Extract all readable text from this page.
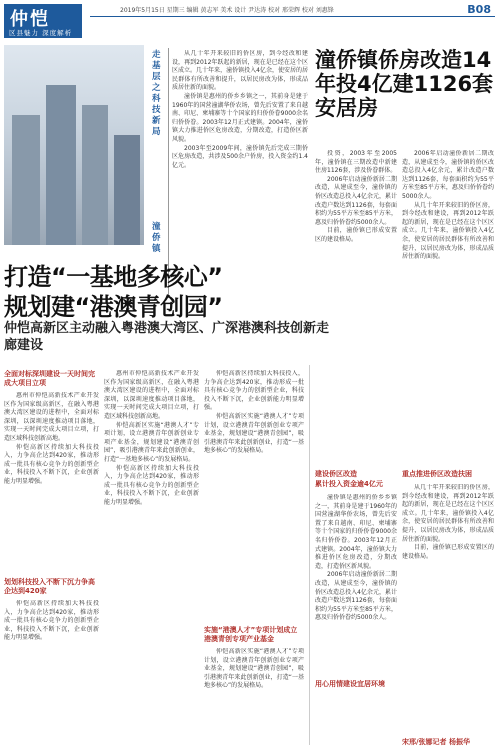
仲恺
区县魅力 深度解析
2019年5月15日 星期三 编辑 黄志军 美术 设计 尹达涛 校对 邢荣辉 校对 刘惠锋	B08
走基层 之 科技新局
潼侨镇
潼侨镇侨房改造14年投4亿建1126套安居房

从几十年开来较旧的侨区房，到今经改和建设，再到2012年跃起的新居，现在是已经在这个区区成立。几十年来，潼侨镇投入4亿余，使安居的居民群体有所改善和提升，以居民房改为体，形成品质居住新的面貌。

潼侨镇是惠州的侨乡乡镇之一，其前身是建于1960年的国营潼湖华侨农场，曾先后安置了来自越南、印尼、柬埔寨等十个国家的归侨侨眷9000余名归侨侨眷。2003年12月正式建镇。2004年，潼侨镇大力推进侨区危房改造，分期改造，打造侨区新风貌。

2003年至2009年间，潼侨镇先后完成三期侨区危房改造，共涉及500余户侨房，投入资金约1.4亿元。

投资，2003年至2005年，潼侨镇在三期改造中新建住房1126套，涉及侨眷群体。

2006年启动潼侨新居二期改造，从建成至今，潼侨镇的侨区改造总投入4亿余元，累计改造户数达到1126套，每套面积约为55平方米至85平方米，惠及归侨侨眷约5000余人。

目前，潼侨镇已形成安置区的建设格局。

2006年启动潼侨新居二期改造，从建成至今，潼侨镇的侨区改造总投入4亿余元，累计改造户数达到1126套，每套面积约为55平方米至85平方米，惠及归侨侨眷约5000余人。

从几十年开来较旧的侨区房，到今经改和建设，再到2012年跃起的新居，现在是已经在这个区区成立。几十年来，潼侨镇投入4亿余，使安居的居民群体有所改善和提升，以居民房改为体，形成品质居住新的面貌。

建设侨区改造
累计投入资金逾4亿元

潼侨镇是惠州的侨乡乡镇之一，其前身是建于1960年的国营潼湖华侨农场，曾先后安置了来自越南、印尼、柬埔寨等十个国家的归侨侨眷9000余名归侨侨眷。2003年12月正式建镇。2004年，潼侨镇大力推进侨区危房改造，分期改造，打造侨区新风貌。

2006年启动潼侨新居二期改造，从建成至今，潼侨镇的侨区改造总投入4亿余元，累计改造户数达到1126套，每套面积约为55平方米至85平方米，惠及归侨侨眷约5000余人。

重点推进侨区改造扶困

从几十年开来较旧的侨区房，到今经改和建设，再到2012年跃起的新居，现在是已经在这个区区成立。几十年来，潼侨镇投入4亿余，使安居的居民群体有所改善和提升，以居民房改为体，形成品质居住新的面貌。

目前，潼侨镇已形成安置区的建设格局。

用心用情建设宜居环境
宋邢/张娜记者 杨振华
打造“一基地多核心”
规划建“港澳青创园”
仲恺高新区主动融入粤港澳大湾区、广深港澳科技创新走廊建设
全面对标深圳建设一天时间完成大项目立项

惠州市仲恺高新技术产业开发区作为国家级高新区，在融入粤港澳大湾区建设的进程中，全面对标深圳，以深圳速度推动项目落地，实现一天时间完成大项目立项，打造区域科技创新高地。

仲恺高新区持续加大科技投入，力争高企达到420家，推动形成一批具有核心竞争力的创新型企业，科技投入不断下沉，企业创新能力明显增强。

划划科技投入不断下沉力争高企达到420家

仲恺高新区持续加大科技投入，力争高企达到420家，推动形成一批具有核心竞争力的创新型企业，科技投入不断下沉，企业创新能力明显增强。

惠州市仲恺高新技术产业开发区作为国家级高新区，在融入粤港澳大湾区建设的进程中，全面对标深圳，以深圳速度推动项目落地，实现一天时间完成大项目立项，打造区域科技创新高地。

仲恺高新区实施“港澳人才”专项计划，设立港澳青年创新创业专项产业基金，规划建设“港澳青创园”，吸引港澳青年来此创新创业，打造“一基地多核心”的发展格局。

仲恺高新区持续加大科技投入，力争高企达到420家，推动形成一批具有核心竞争力的创新型企业，科技投入不断下沉，企业创新能力明显增强。

仲恺高新区持续加大科技投入，力争高企达到420家，推动形成一批具有核心竞争力的创新型企业，科技投入不断下沉，企业创新能力明显增强。

仲恺高新区实施“港澳人才”专项计划，设立港澳青年创新创业专项产业基金，规划建设“港澳青创园”，吸引港澳青年来此创新创业，打造“一基地多核心”的发展格局。

实施“港澳人才”专项计划成立港澳青创专项产业基金

仲恺高新区实施“港澳人才”专项计划，设立港澳青年创新创业专项产业基金，规划建设“港澳青创园”，吸引港澳青年来此创新创业，打造“一基地多核心”的发展格局。
